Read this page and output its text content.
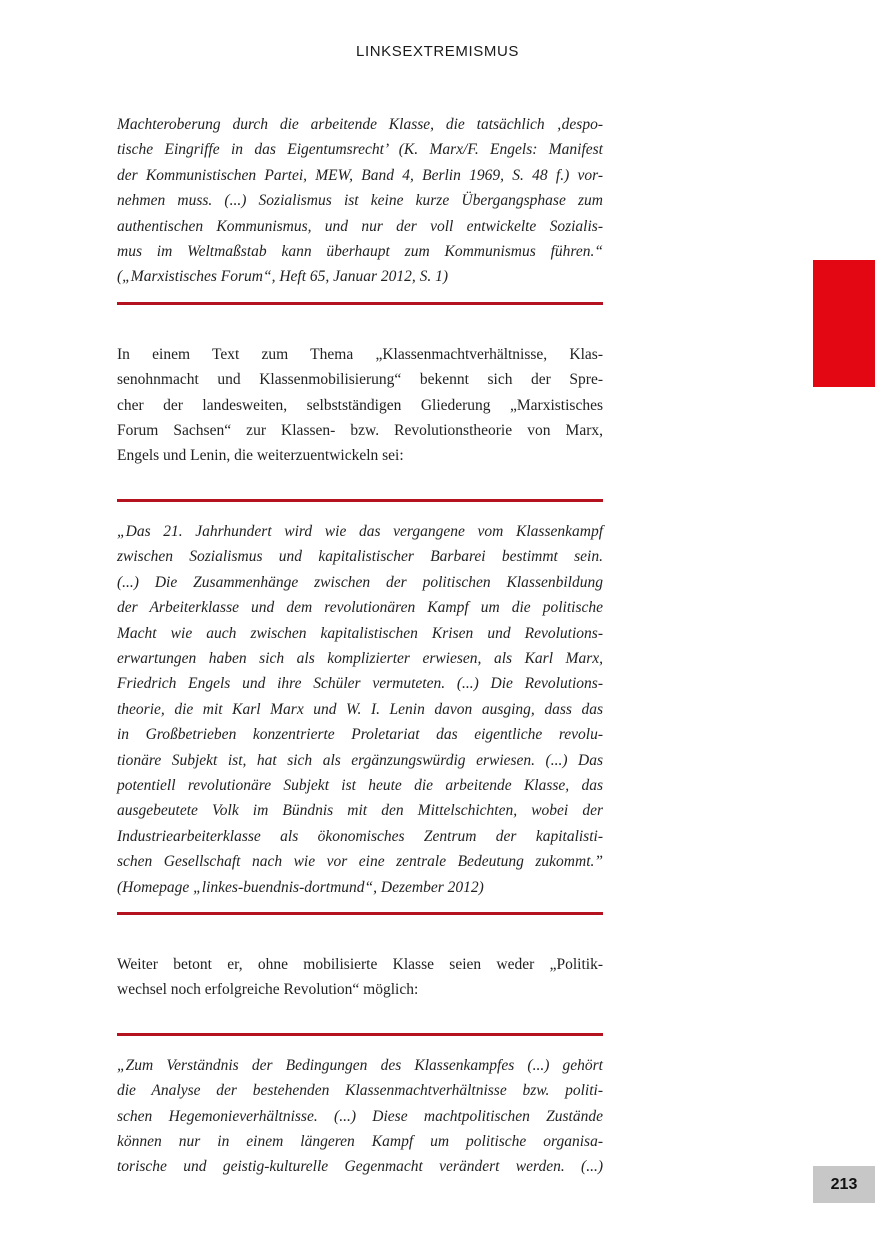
LINKSEXTREMISMUS
Machteroberung durch die arbeitende Klasse, die tatsächlich ‚despo-
tische Eingriffe in das Eigentumsrecht’ (K. Marx/F. Engels: Manifest
der Kommunistischen Partei, MEW, Band 4, Berlin 1969, S. 48 f.) vor-
nehmen muss. (...) Sozialismus ist keine kurze Übergangsphase zum
authentischen Kommunismus, und nur der voll entwickelte Sozialis-
mus im Weltmaßstab kann überhaupt zum Kommunismus führen.“
(„Marxistisches Forum“, Heft 65, Januar 2012, S. 1)
In einem Text zum Thema „Klassenmachtverhältnisse, Klas-
senohnmacht und Klassenmobilisierung“ bekennt sich der Spre-
cher der landesweiten, selbstständigen Gliederung „Marxistisches
Forum Sachsen“ zur Klassen- bzw. Revolutionstheorie von Marx,
Engels und Lenin, die weiterzuentwickeln sei:
„Das 21. Jahrhundert wird wie das vergangene vom Klassenkampf
zwischen Sozialismus und kapitalistischer Barbarei bestimmt sein.
(...) Die Zusammenhänge zwischen der politischen Klassenbildung
der Arbeiterklasse und dem revolutionären Kampf um die politische
Macht wie auch zwischen kapitalistischen Krisen und Revolutions-
erwartungen haben sich als komplizierter erwiesen, als Karl Marx,
Friedrich Engels und ihre Schüler vermuteten. (...) Die Revolutions-
theorie, die mit Karl Marx und W. I. Lenin davon ausging, dass das
in Großbetrieben konzentrierte Proletariat das eigentliche revolu-
tionäre Subjekt ist, hat sich als ergänzungswürdig erwiesen. (...) Das
potentiell revolutionäre Subjekt ist heute die arbeitende Klasse, das
ausgebeutete Volk im Bündnis mit den Mittelschichten, wobei der
Industriearbeiterklasse als ökonomisches Zentrum der kapitalisti-
schen Gesellschaft nach wie vor eine zentrale Bedeutung zukommt.”
(Homepage „linkes-buendnis-dortmund“, Dezember 2012)
Weiter betont er, ohne mobilisierte Klasse seien weder „Politik-
wechsel noch erfolgreiche Revolution“ möglich:
„Zum Verständnis der Bedingungen des Klassenkampfes (...) gehört
die Analyse der bestehenden Klassenmachtverhältnisse bzw. politi-
schen Hegemonieverhältnisse. (...) Diese machtpolitischen Zustände
können nur in einem längeren Kampf um politische organisa-
torische und geistig-kulturelle Gegenmacht verändert werden. (...)
213
